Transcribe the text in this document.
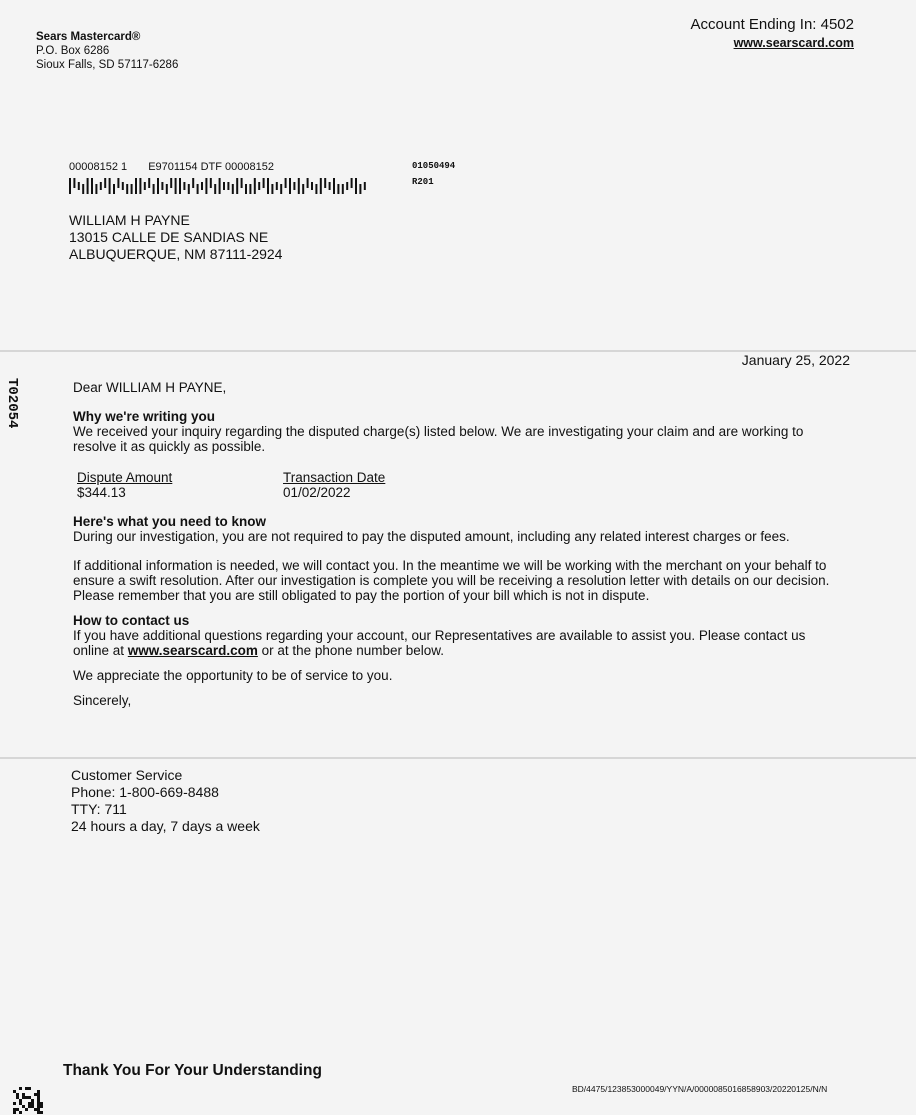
Sears Mastercard®
P.O. Box 6286
Sioux Falls, SD 57117-6286
Account Ending In: 4502
www.searscard.com
00008152 1 E9701154 DTF 00008152	01050494
R201
WILLIAM H PAYNE
13015 CALLE DE SANDIAS NE
ALBUQUERQUE, NM 87111-2924
T02054
January 25, 2022

Dear WILLIAM H PAYNE,

Why we're writing you

We received your inquiry regarding the disputed charge(s) listed below. We are investigating your claim and are working to resolve it as quickly as possible.

Dispute Amount
$344.13
Transaction Date
01/02/2022

Here's what you need to know

During our investigation, you are not required to pay the disputed amount, including any related interest charges or fees.

If additional information is needed, we will contact you. In the meantime we will be working with the merchant on your behalf to ensure a swift resolution. After our investigation is complete you will be receiving a resolution letter with details on our decision. Please remember that you are still obligated to pay the portion of your bill which is not in dispute.

How to contact us

If you have additional questions regarding your account, our Representatives are available to assist you. Please contact us online at www.searscard.com or at the phone number below.

We appreciate the opportunity to be of service to you.

Sincerely,

Customer Service
Phone: 1-800-669-8488
TTY: 711
24 hours a day, 7 days a week
Thank You For Your Understanding
BD/4475/123853000049/YYN/A/0000085016858903/20220125/N/N
